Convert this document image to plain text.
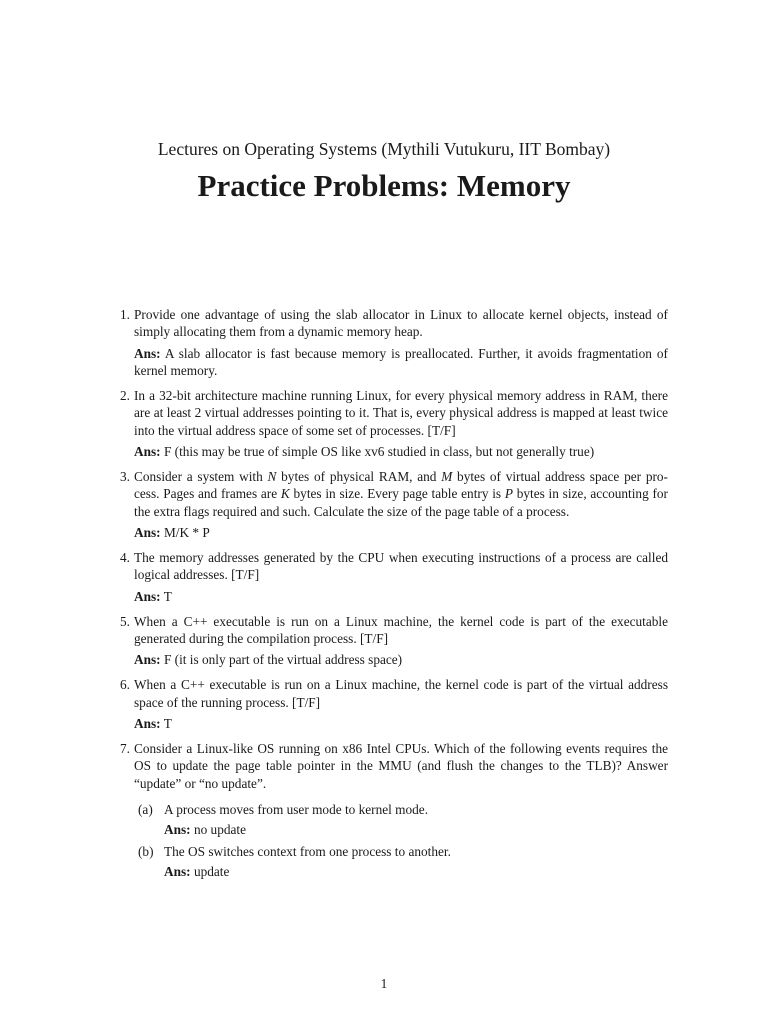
Lectures on Operating Systems (Mythili Vutukuru, IIT Bombay)
Practice Problems: Memory
1. Provide one advantage of using the slab allocator in Linux to allocate kernel objects, instead of simply allocating them from a dynamic memory heap.
Ans: A slab allocator is fast because memory is preallocated. Further, it avoids fragmentation of kernel memory.
2. In a 32-bit architecture machine running Linux, for every physical memory address in RAM, there are at least 2 virtual addresses pointing to it. That is, every physical address is mapped at least twice into the virtual address space of some set of processes. [T/F]
Ans: F (this may be true of simple OS like xv6 studied in class, but not generally true)
3. Consider a system with N bytes of physical RAM, and M bytes of virtual address space per pro-cess. Pages and frames are K bytes in size. Every page table entry is P bytes in size, accounting for the extra flags required and such. Calculate the size of the page table of a process.
Ans: M/K * P
4. The memory addresses generated by the CPU when executing instructions of a process are called logical addresses. [T/F]
Ans: T
5. When a C++ executable is run on a Linux machine, the kernel code is part of the executable generated during the compilation process. [T/F]
Ans: F (it is only part of the virtual address space)
6. When a C++ executable is run on a Linux machine, the kernel code is part of the virtual address space of the running process. [T/F]
Ans: T
7. Consider a Linux-like OS running on x86 Intel CPUs. Which of the following events requires the OS to update the page table pointer in the MMU (and flush the changes to the TLB)? Answer “update” or “no update”.
(a) A process moves from user mode to kernel mode.
Ans: no update
(b) The OS switches context from one process to another.
Ans: update
1
